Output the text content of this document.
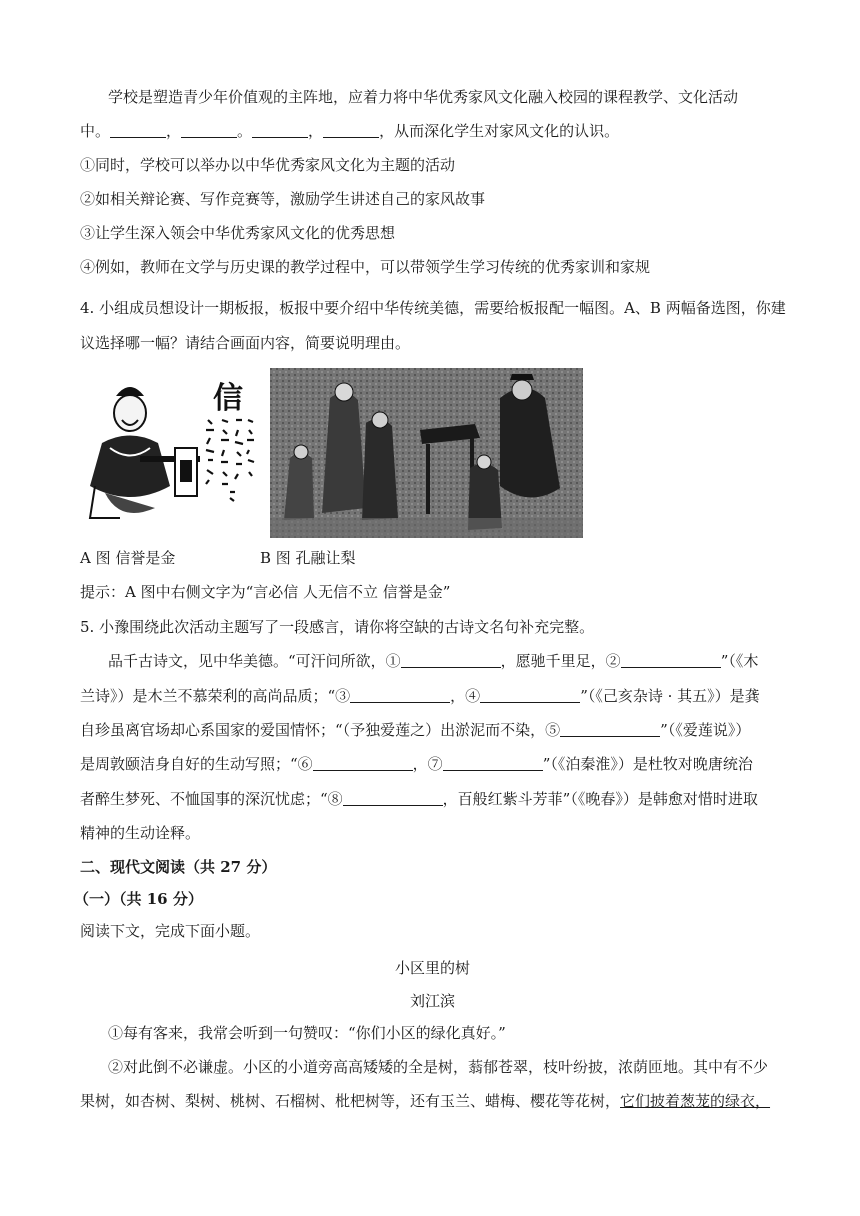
学校是塑造青少年价值观的主阵地，应着力将中华优秀家风文化融入校园的课程教学、文化活动
中。	，	。	，	，从而深化学生对家风文化的认识。
①同时，学校可以举办以中华优秀家风文化为主题的活动
②如相关辩论赛、写作竞赛等，激励学生讲述自己的家风故事
③让学生深入领会中华优秀家风文化的优秀思想
④例如，教师在文学与历史课的教学过程中，可以带领学生学习传统的优秀家训和家规
4. 小组成员想设计一期板报，板报中要介绍中华传统美德，需要给板报配一幅图。A、B 两幅备选图，你建
议选择哪一幅？请结合画面内容，简要说明理由。
信
A 图 信誉是金	B 图 孔融让梨
提示：A 图中右侧文字为“言必信 人无信不立 信誉是金”
5. 小豫围绕此次活动主题写了一段感言，请你将空缺的古诗文名句补充完整。
品千古诗文，见中华美德。“可汗问所欲，①	，愿驰千里足，②	”（《木
兰诗》）是木兰不慕荣利的高尚品质；“③	，④	”（《己亥杂诗 · 其五》）是龚
自珍虽离官场却心系国家的爱国情怀；“（予独爱莲之）出淤泥而不染，⑤	”（《爱莲说》）
是周敦颐洁身自好的生动写照；“⑥	，⑦	”（《泊秦淮》）是杜牧对晚唐统治
者醉生梦死、不恤国事的深沉忧虑；“⑧	，百般红紫斗芳菲”（《晚春》）是韩愈对惜时进取
精神的生动诠释。
二、现代文阅读（共 27 分）
（一）（共 16 分）
阅读下文，完成下面小题。
小区里的树
刘江滨
①每有客来，我常会听到一句赞叹：“你们小区的绿化真好。”
②对此倒不必谦虚。小区的小道旁高高矮矮的全是树，蓊郁苍翠，枝叶纷披，浓荫匝地。其中有不少
果树，如杏树、梨树、桃树、石榴树、枇杷树等，还有玉兰、蜡梅、樱花等花树，它们披着葱茏的绿衣，
